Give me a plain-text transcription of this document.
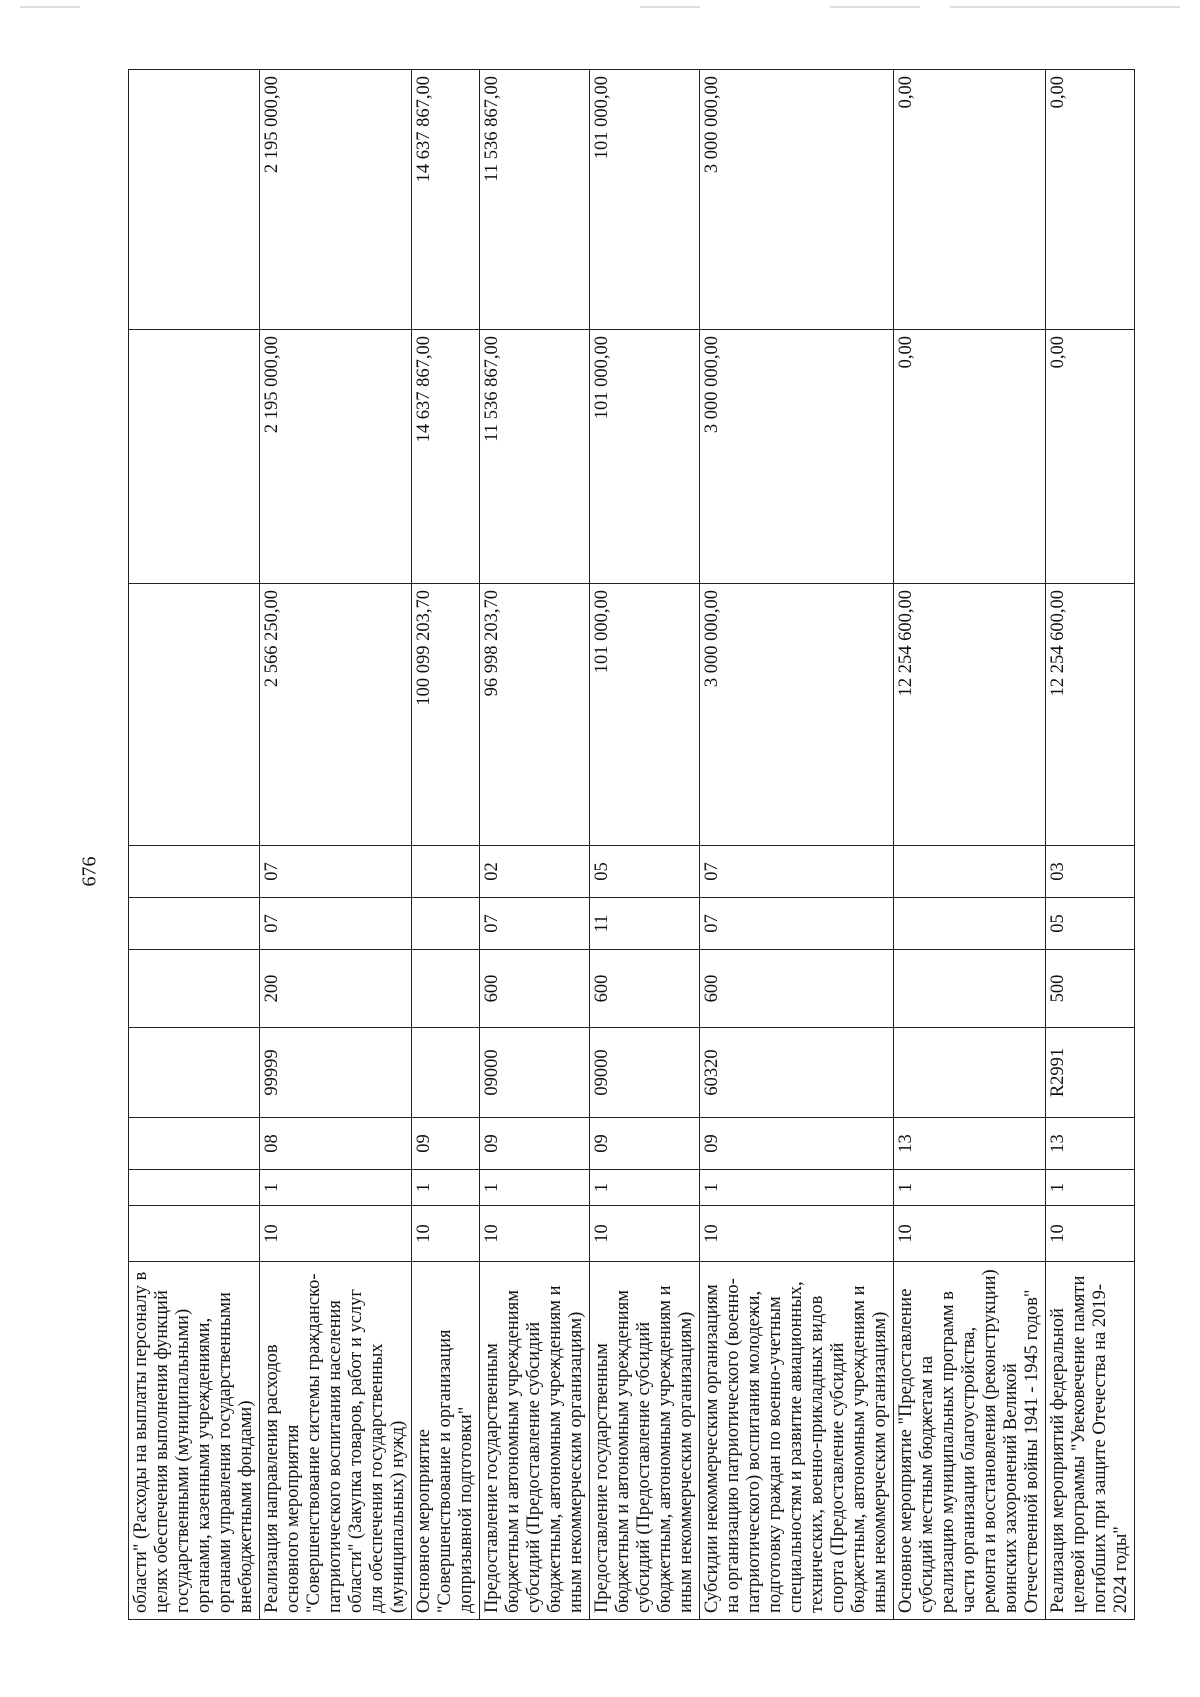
676
области" (Расходы на выплаты персоналу в целях обеспечения выполнения функций государственными (муниципальными) органами, казенными учреждениями, органами управления государственными внебюджетными фондами)										
Реализация направления расходов основного мероприятия "Совершенствование системы гражданско-патриотического воспитания населения области" (Закупка товаров, работ и услуг для обеспечения государственных (муниципальных) нужд)	10	1	08	99999	200	07	07	2 566 250,00	2 195 000,00	2 195 000,00
Основное мероприятие "Совершенствование и организация допризывной подготовки"	10	1	09					100 099 203,70	14 637 867,00	14 637 867,00
Предоставление государственным бюджетным и автономным учреждениям субсидий (Предоставление субсидий бюджетным, автономным учреждениям и иным некоммерческим организациям)	10	1	09	09000	600	07	02	96 998 203,70	11 536 867,00	11 536 867,00
Предоставление государственным бюджетным и автономным учреждениям субсидий (Предоставление субсидий бюджетным, автономным учреждениям и иным некоммерческим организациям)	10	1	09	09000	600	11	05	101 000,00	101 000,00	101 000,00
Субсидии некоммерческим организациям на организацию патриотического (военно-патриотического) воспитания молодежи, подготовку граждан по военно-учетным специальностям и развитие авиационных, технических, военно-прикладных видов спорта (Предоставление субсидий бюджетным, автономным учреждениям и иным некоммерческим организациям)	10	1	09	60320	600	07	07	3 000 000,00	3 000 000,00	3 000 000,00
Основное мероприятие "Предоставление субсидий местным бюджетам на реализацию муниципальных программ в части организации благоустройства, ремонта и восстановления (реконструкции) воинских захоронений Великой Отечественной войны 1941 - 1945 годов"	10	1	13					12 254 600,00	0,00	0,00
Реализация мероприятий федеральной целевой программы "Увековечение памяти погибших при защите Отечества на 2019-2024 годы"	10	1	13	R2991	500	05	03	12 254 600,00	0,00	0,00
